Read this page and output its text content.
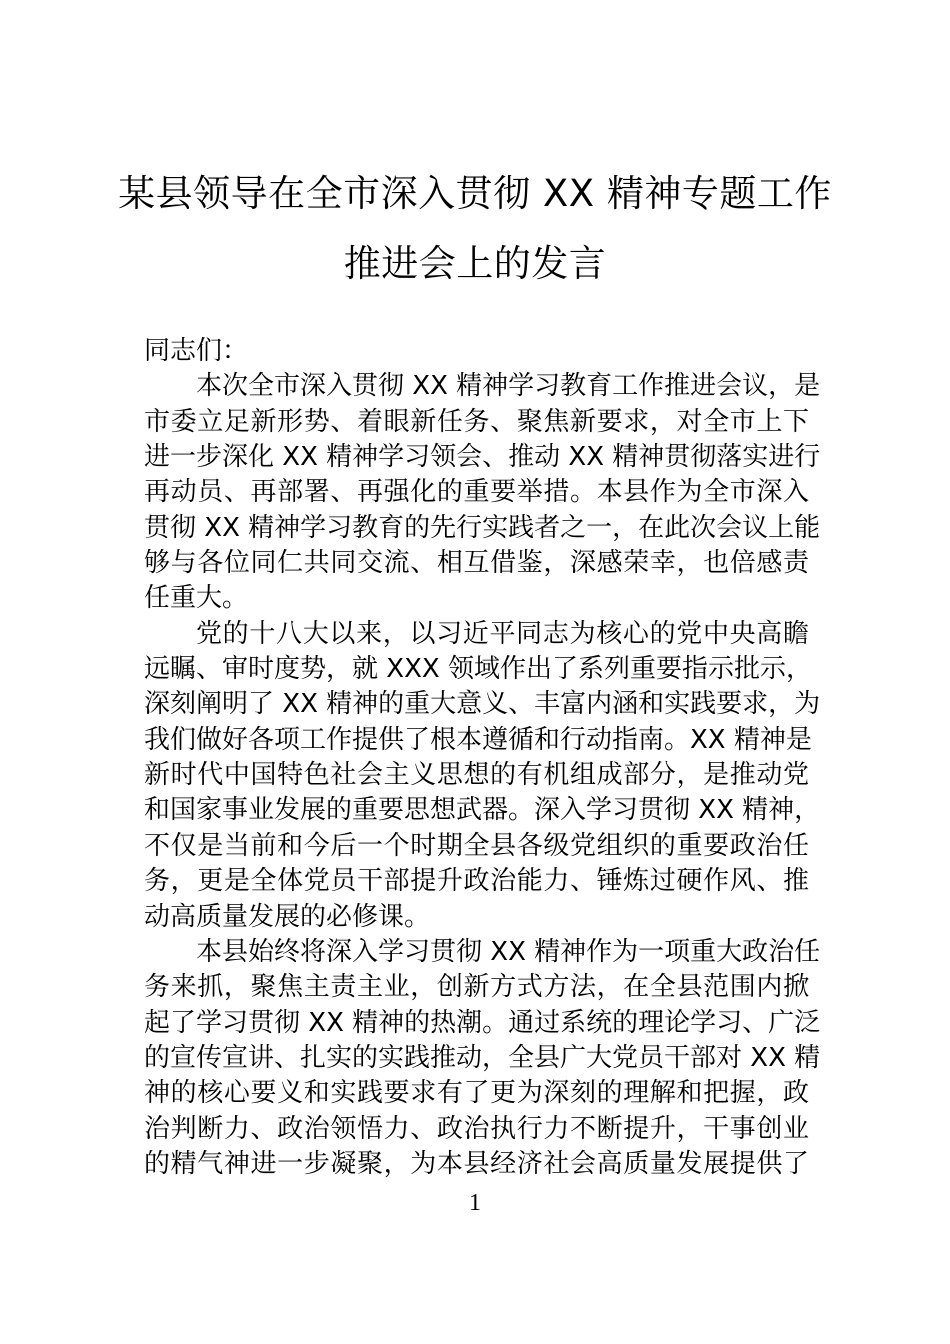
某县领导在全市深入贯彻 XX 精神专题工作
推进会上的发言
同志们：
本次全市深入贯彻 XX 精神学习教育工作推进会议，是
市委立足新形势、着眼新任务、聚焦新要求，对全市上下
进一步深化 XX 精神学习领会、推动 XX 精神贯彻落实进行
再动员、再部署、再强化的重要举措。本县作为全市深入
贯彻 XX 精神学习教育的先行实践者之一，在此次会议上能
够与各位同仁共同交流、相互借鉴，深感荣幸，也倍感责
任重大。
党的十八大以来，以习近平同志为核心的党中央高瞻
远瞩、审时度势，就 XXX 领域作出了系列重要指示批示，
深刻阐明了 XX 精神的重大意义、丰富内涵和实践要求，为
我们做好各项工作提供了根本遵循和行动指南。XX 精神是
新时代中国特色社会主义思想的有机组成部分，是推动党
和国家事业发展的重要思想武器。深入学习贯彻 XX 精神，
不仅是当前和今后一个时期全县各级党组织的重要政治任
务，更是全体党员干部提升政治能力、锤炼过硬作风、推
动高质量发展的必修课。
本县始终将深入学习贯彻 XX 精神作为一项重大政治任
务来抓，聚焦主责主业，创新方式方法，在全县范围内掀
起了学习贯彻 XX 精神的热潮。通过系统的理论学习、广泛
的宣传宣讲、扎实的实践推动，全县广大党员干部对 XX 精
神的核心要义和实践要求有了更为深刻的理解和把握，政
治判断力、政治领悟力、政治执行力不断提升，干事创业
的精气神进一步凝聚，为本县经济社会高质量发展提供了
1
